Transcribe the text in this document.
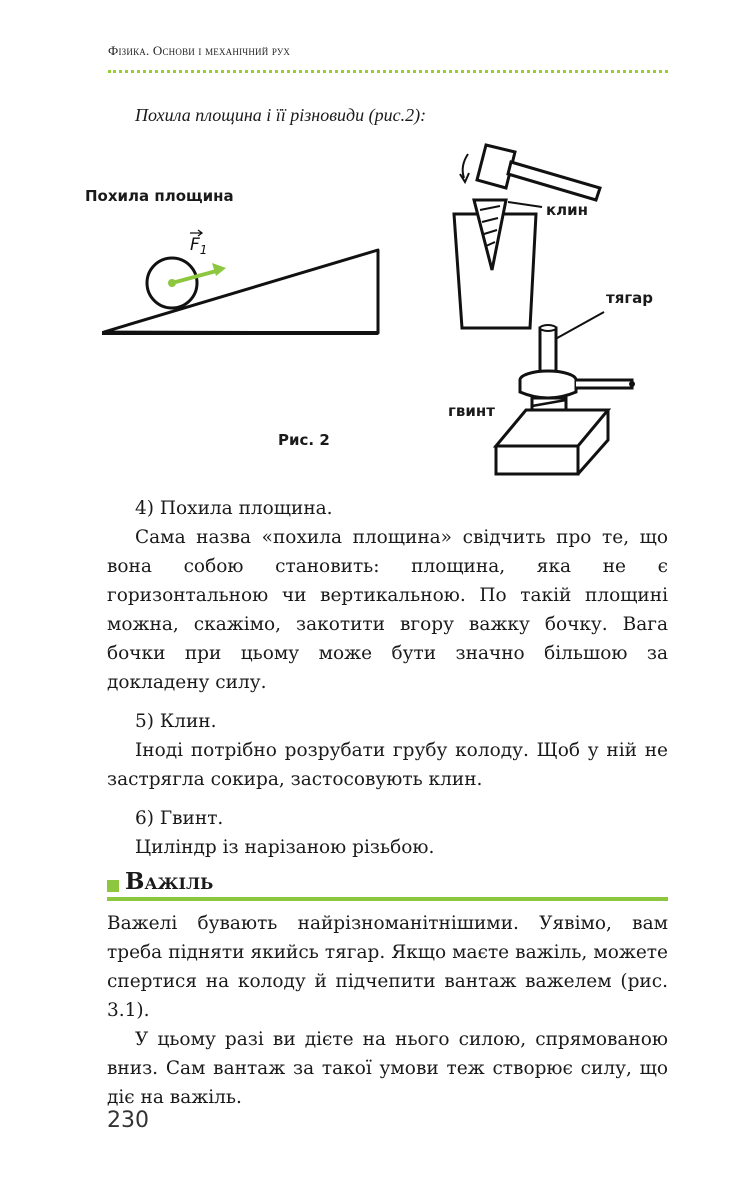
Фізика. Основи і механічний рух
Похила площина і її різновиди (рис.2):
Похила площина
$F_1$
Рис. 2
клин
тягар
гвинт

4) Похила площина.

Сама назва «похила площина» свідчить про те, що вона собою становить: площина, яка не є горизонтальною чи вертикальною. По такій площині можна, скажімо, закотити вгору важку бочку. Вага бочки при цьому може бути значно більшою за докладену силу.

5) Клин.

Іноді потрібно розрубати грубу колоду. Щоб у ній не застрягла сокира, застосовують клин.

6) Гвинт.

Циліндр із нарізаною різьбою.

Важіль

Важелі бувають найрізноманітнішими. Уявімо, вам треба підняти якийсь тягар. Якщо маєте важіль, можете спертися на колоду й підчепити вантаж важелем (рис. 3.1).

У цьому разі ви дієте на нього силою, спрямованою вниз. Сам вантаж за такої умови теж створює силу, що діє на важіль.

230
